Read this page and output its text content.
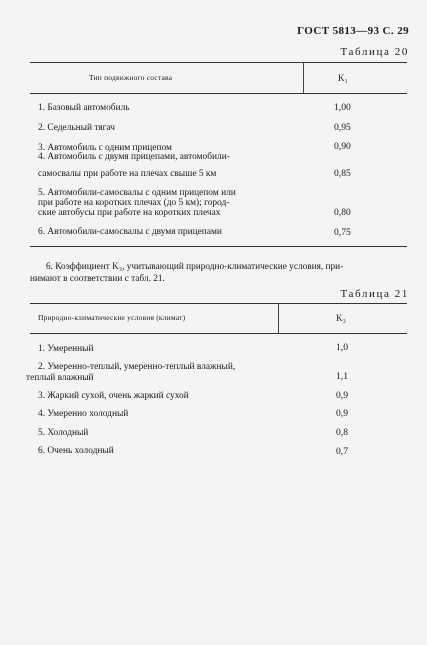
ГОСТ 5813—93 С. 29
Таблица 20
Тип подвижного состава	K₁
1. Базовый автомобиль	1,00
2. Седельный тягач	0,95
3. Автомобиль с одним прицепом	0,90
4. Автомобиль с двумя прицепами, автомобили-
самосвалы при работе на плечах свыше 5 км	0,85
5. Автомобили-самосвалы с одним прицепом или
при работе на коротких плечах (до 5 км); город-
ские автобусы при работе на коротких плечах	0,80
6. Автомобили-самосвалы с двумя прицепами	0,75
6. Коэффициент K₃, учитывающий природно-климатические условия, при-
нимают в соответствии с табл. 21.
Таблица 21
Природно-климатические условия (климат)	K₃
1. Умеренный	1,0
2. Умеренно-теплый, умеренно-теплый влажный,
теплый влажный	1,1
3. Жаркий сухой, очень жаркий сухой	0,9
4. Умеренно холодный	0,9
5. Холодный	0,8
6. Очень холодный	0,7
